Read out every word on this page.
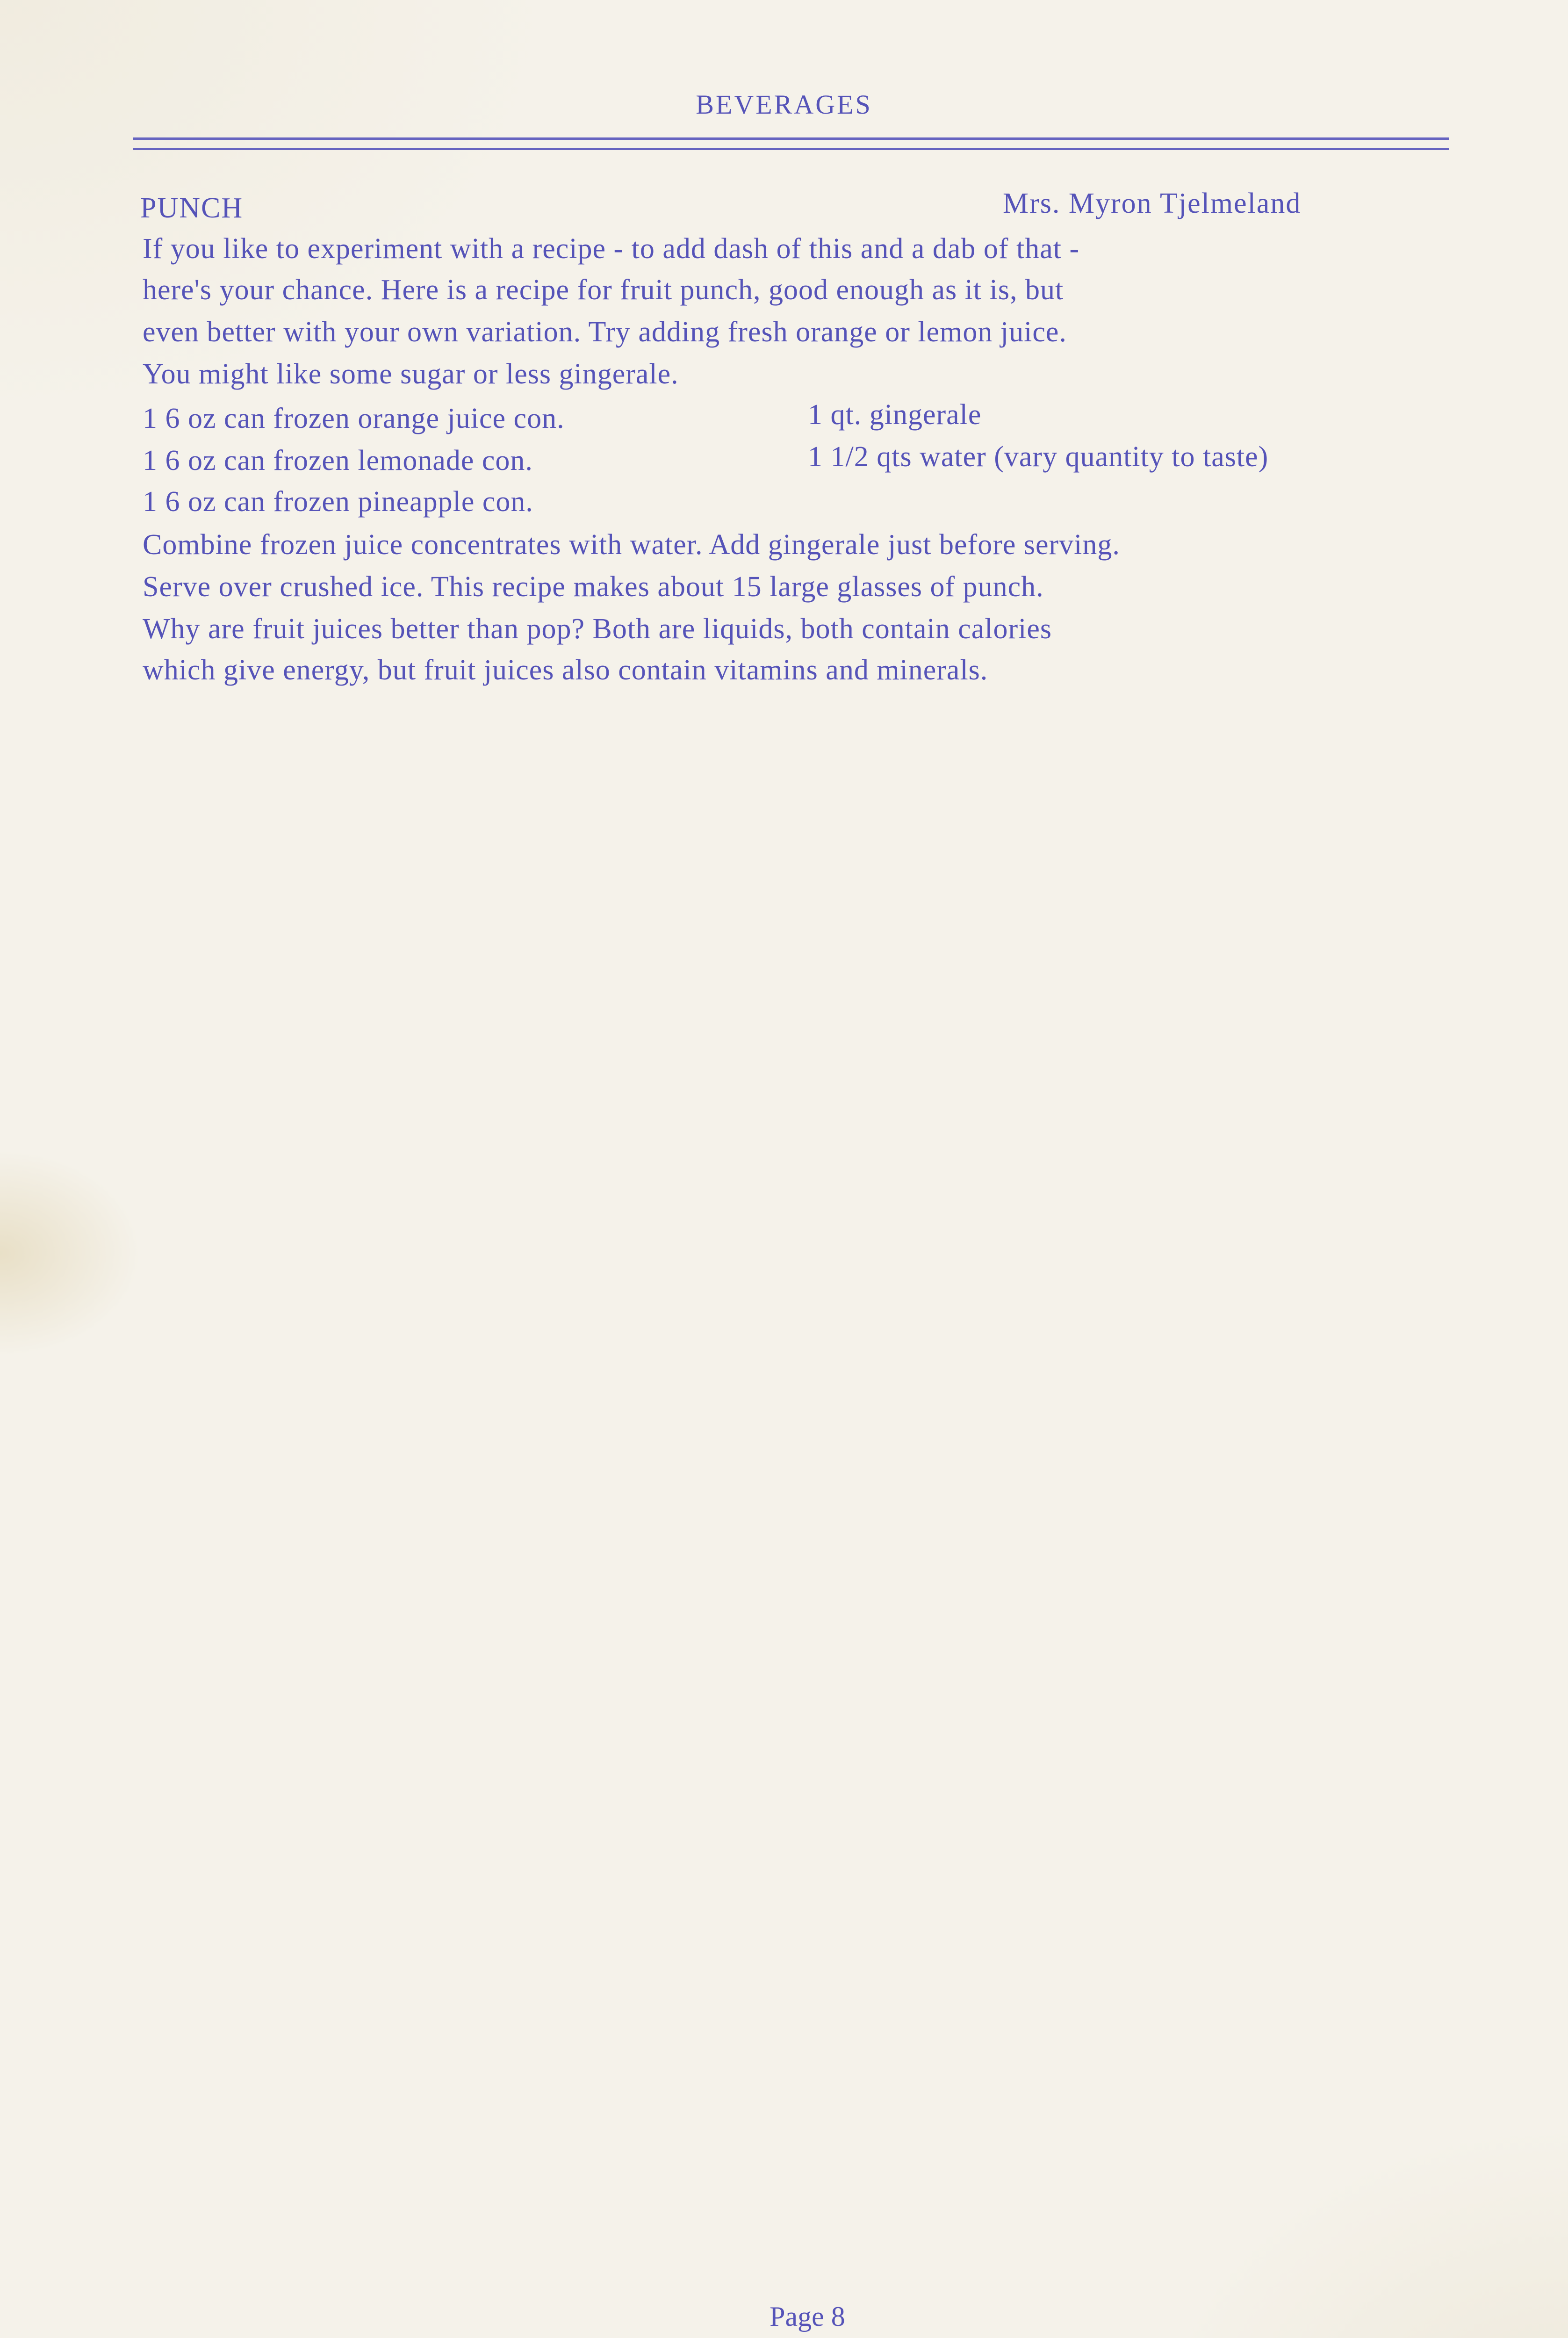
BEVERAGES
PUNCH	Mrs. Myron Tjelmeland
If you like to experiment with a recipe - to add dash of this and a dab of that -
here's your chance. Here is a recipe for fruit punch, good enough as it is, but
even better with your own variation. Try adding fresh orange or lemon juice.
You might like some sugar or less gingerale.
1 6 oz can frozen orange juice con.
1 6 oz can frozen lemonade con.
1 6 oz can frozen pineapple con.
1 qt. gingerale
1 1/2 qts water (vary quantity to taste)
Combine frozen juice concentrates with water. Add gingerale just before serving.
Serve over crushed ice. This recipe makes about 15 large glasses of punch.
Why are fruit juices better than pop? Both are liquids, both contain calories
which give energy, but fruit juices also contain vitamins and minerals.
Page 8
